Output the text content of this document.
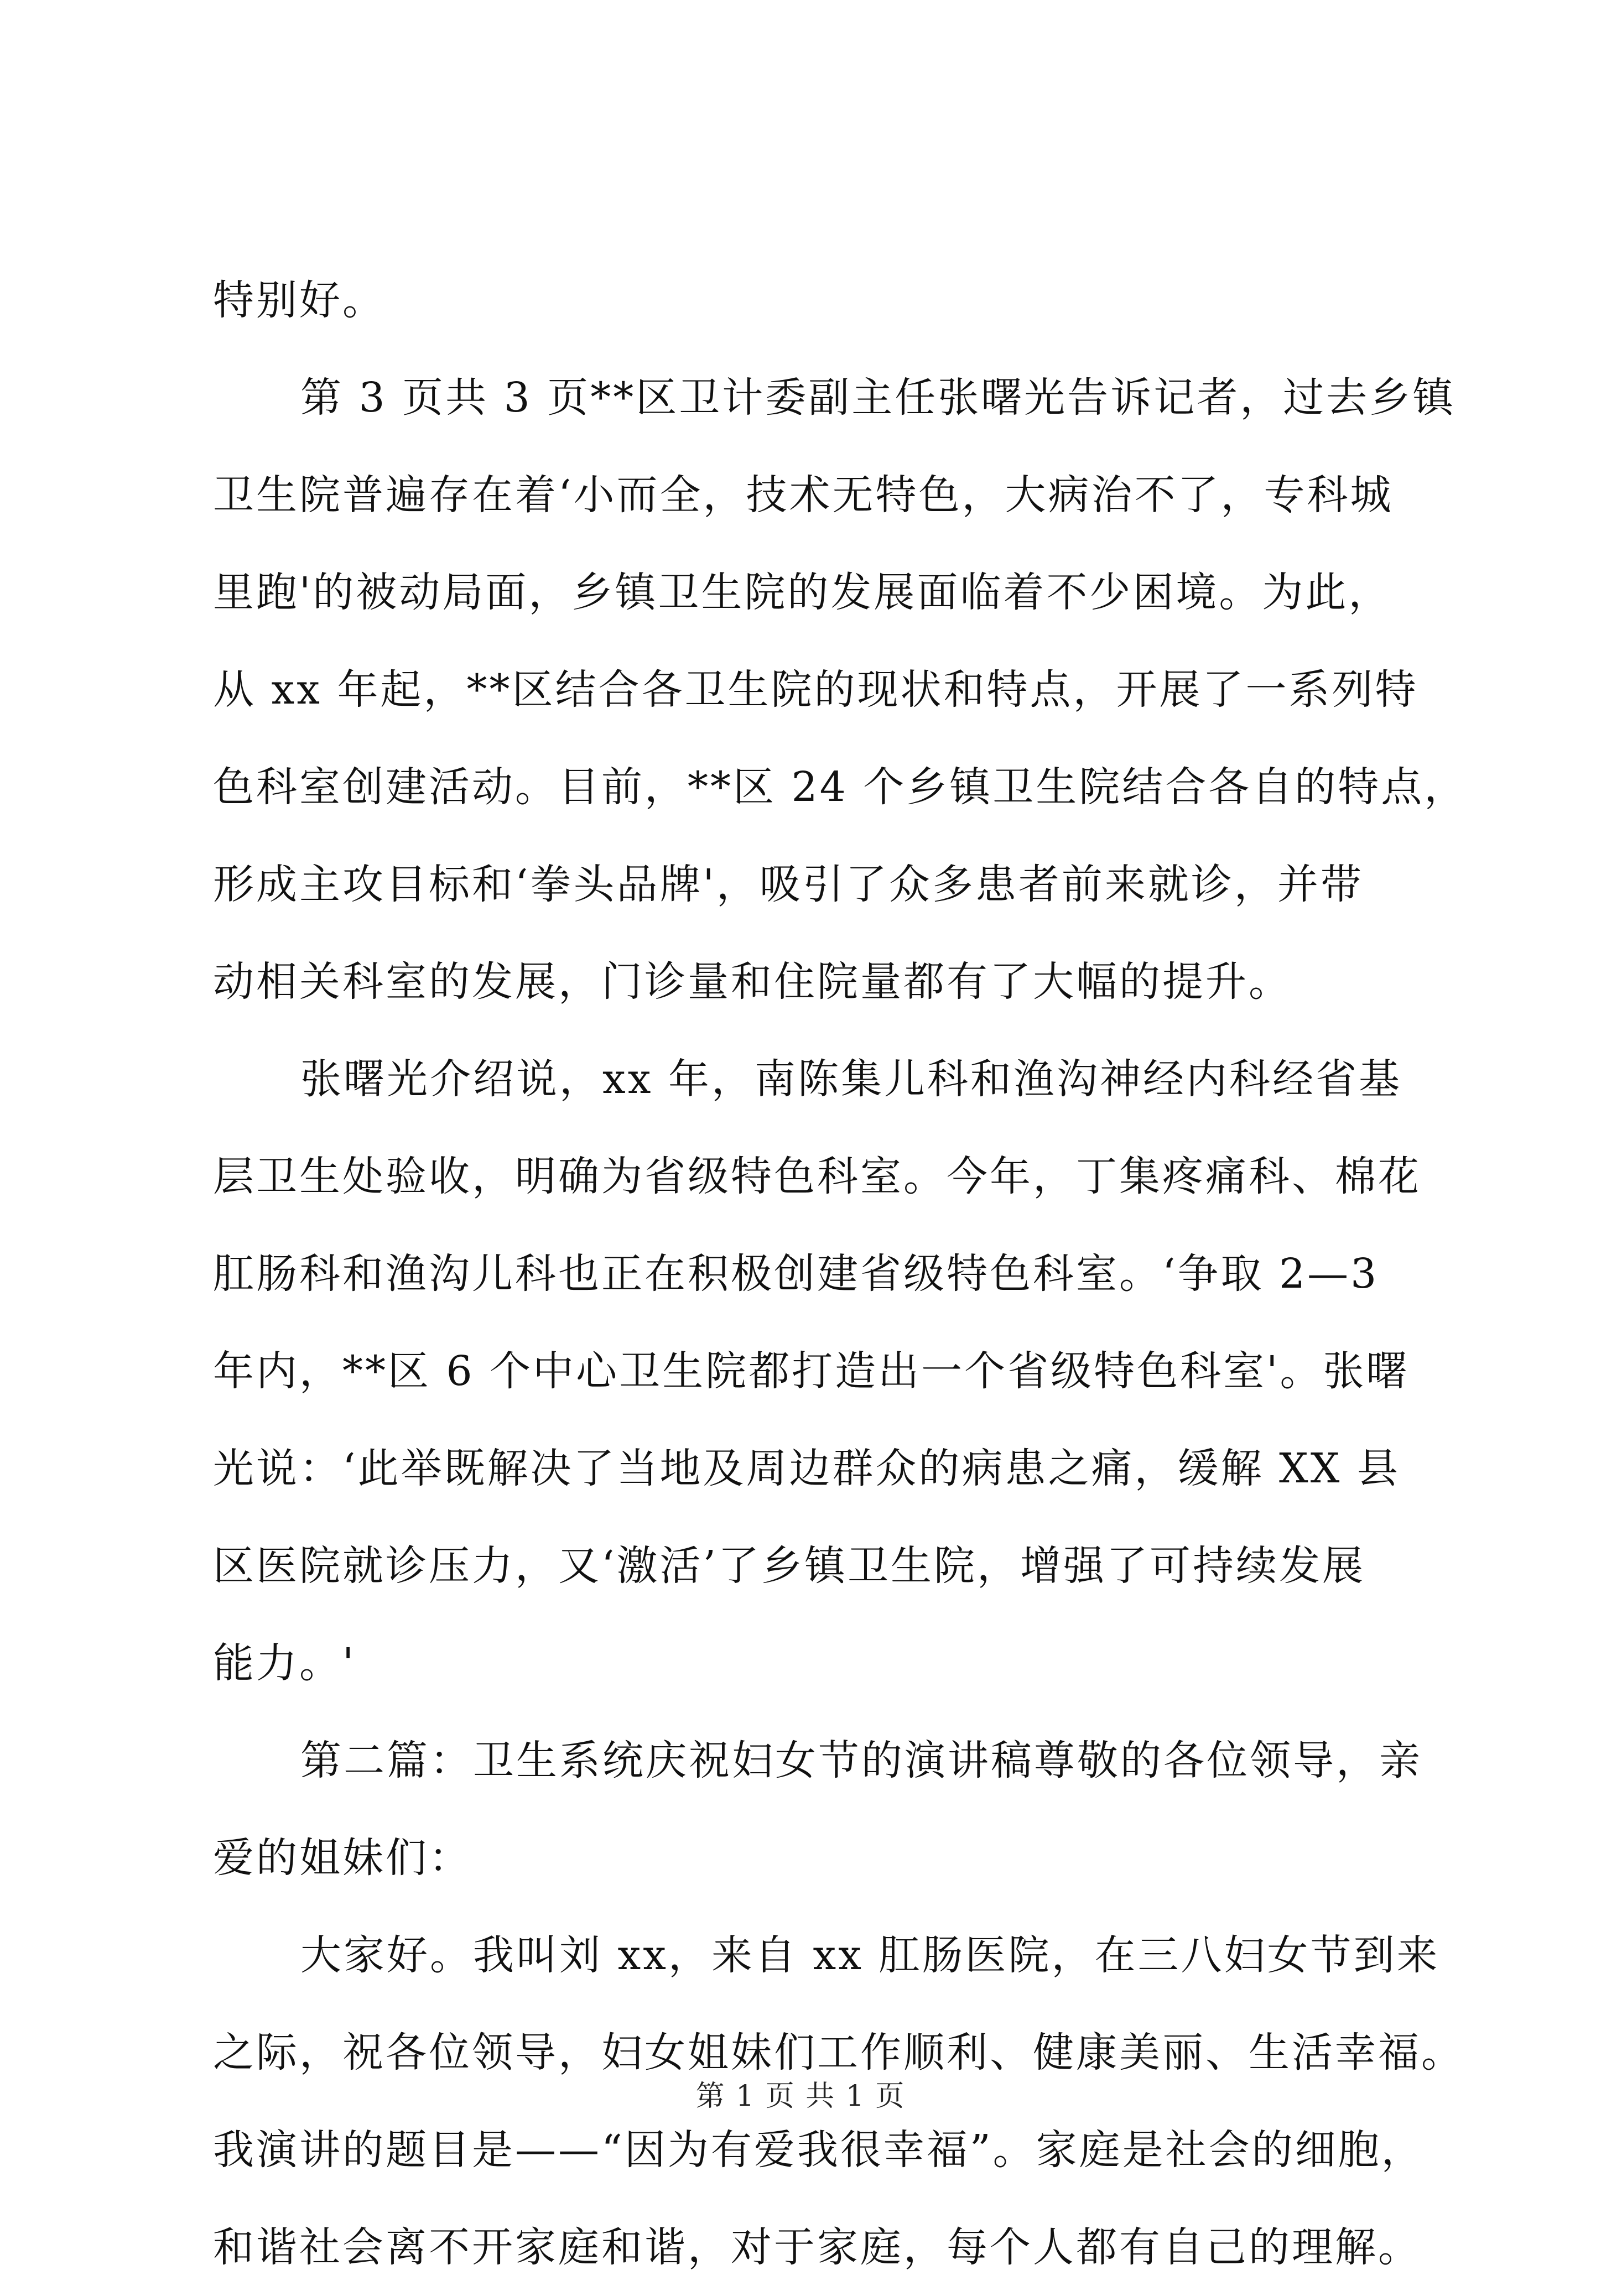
特别好。
第 3 页共 3 页**区卫计委副主任张曙光告诉记者，过去乡镇
卫生院普遍存在着‘小而全，技术无特色，大病治不了，专科城
里跑'的被动局面，乡镇卫生院的发展面临着不少困境。为此，
从 xx 年起，**区结合各卫生院的现状和特点，开展了一系列特
色科室创建活动。目前，**区 24 个乡镇卫生院结合各自的特点，
形成主攻目标和‘拳头品牌'，吸引了众多患者前来就诊，并带
动相关科室的发展，门诊量和住院量都有了大幅的提升。
张曙光介绍说，xx 年，南陈集儿科和渔沟神经内科经省基
层卫生处验收，明确为省级特色科室。今年，丁集疼痛科、棉花
肛肠科和渔沟儿科也正在积极创建省级特色科室。‘争取 2—3
年内，**区 6 个中心卫生院都打造出一个省级特色科室'。张曙
光说：‘此举既解决了当地及周边群众的病患之痛，缓解 XX 县
区医院就诊压力，又‘激活’了乡镇卫生院，增强了可持续发展
能力。'
第二篇：卫生系统庆祝妇女节的演讲稿尊敬的各位领导，亲
爱的姐妹们：
大家好。我叫刘 xx，来自 xx 肛肠医院，在三八妇女节到来
之际，祝各位领导，妇女姐妹们工作顺利、健康美丽、生活幸福。
我演讲的题目是——“因为有爱我很幸福”。家庭是社会的细胞，
和谐社会离不开家庭和谐，对于家庭，每个人都有自己的理解。
第 1 页 共 1 页
